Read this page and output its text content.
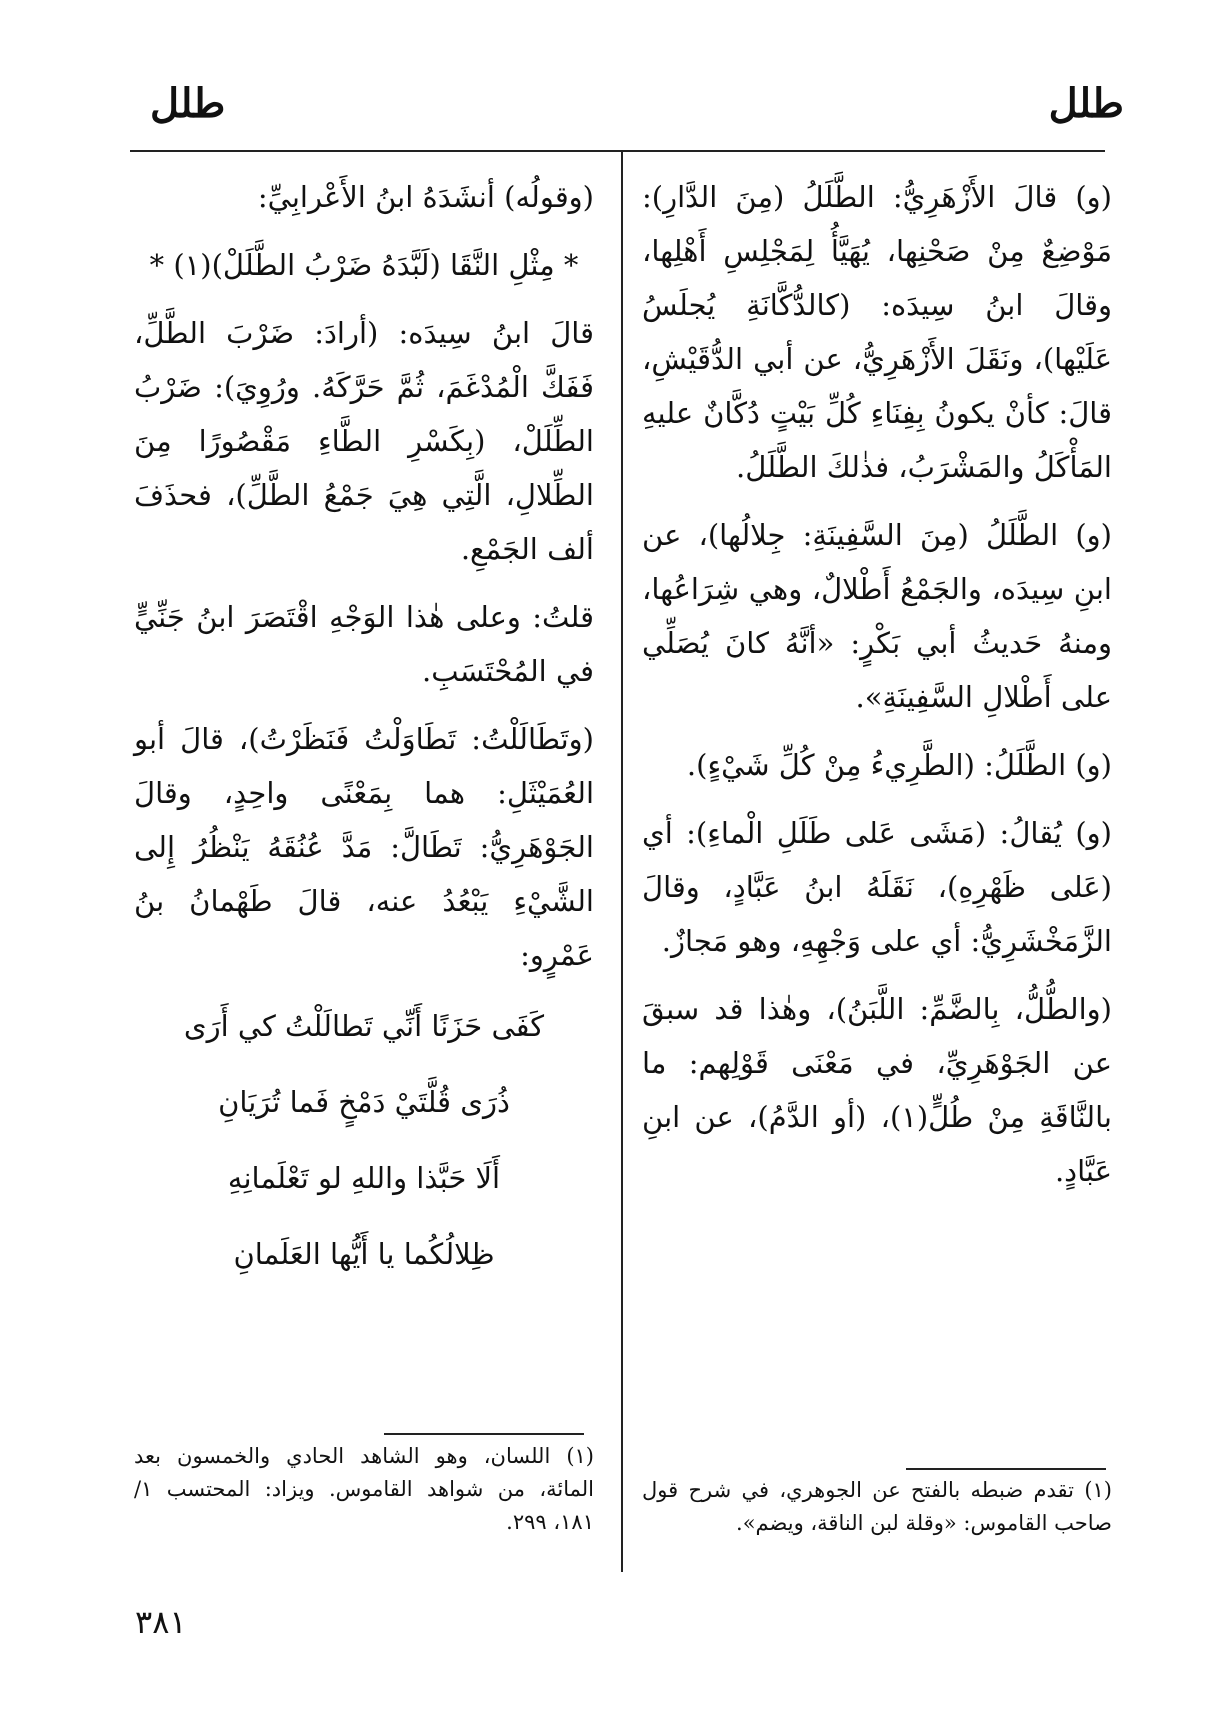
طلل
طلل

(و) قالَ الأَزْهَرِيُّ: الطَّلَلُ (مِنَ الدَّارِ): مَوْضِعٌ مِنْ صَحْنِها، يُهَيَّأُ لِمَجْلِسِ أَهْلِها، وقالَ ابنُ سِيدَه: (كالدُّكَّانَةِ يُجلَسُ عَلَيْها)، ونَقَلَ الأَزْهَرِيُّ، عن أبي الدُّقَيْشِ، قالَ: كأنْ يكونُ بِفِنَاءِ كُلِّ بَيْتٍ دُكَّانٌ عليهِ المَأْكَلُ والمَشْرَبُ، فذٰلكَ الطَّلَلُ.

(و) الطَّلَلُ (مِنَ السَّفِينَةِ: جِلالُها)، عن ابنِ سِيدَه، والجَمْعُ أَطْلالٌ، وهي شِرَاعُها، ومنهُ حَديثُ أبي بَكْرٍ: «أنَّهُ كانَ يُصَلِّي على أَطْلالِ السَّفِينَةِ».

(و) الطَّلَلُ: (الطَّرِيءُ مِنْ كُلِّ شَيْءٍ).

(و) يُقالُ: (مَشَى عَلى طَلَلِ الْماءِ): أي (عَلى ظَهْرِهِ)، نَقَلَهُ ابنُ عَبَّادٍ، وقالَ الزَّمَخْشَرِيُّ: أي على وَجْهِهِ، وهو مَجازٌ.

(والطُّلُّ، بِالضَّمِّ: اللَّبَنُ)، وهٰذا قد سبقَ عن الجَوْهَرِيِّ، في مَعْنَى قَوْلِهم: ما بالنَّاقَةِ مِنْ طُلٍّ(١)، (أو الدَّمُ)، عن ابنِ عَبَّادٍ.

(وقولُه) أنشَدَهُ ابنُ الأَعْرابِيِّ:

* مِثْلِ النَّقَا (لَبَّدَهُ ضَرْبُ الطَّلَلْ)(١) *

قالَ ابنُ سِيدَه: (أرادَ: ضَرْبَ الطَّلِّ، فَفَكَّ الْمُدْغَمَ، ثُمَّ حَرَّكَهُ. ورُوِيَ): ضَرْبُ الطِّلَلْ، (بِكَسْرِ الطَّاءِ مَقْصُورًا مِنَ الطِّلالِ، الَّتِي هِيَ جَمْعُ الطَّلِّ)، فحذَفَ ألف الجَمْعِ.

قلتُ: وعلى هٰذا الوَجْهِ اقْتَصَرَ ابنُ جَنِّيٍّ في المُحْتَسَبِ.

(وتَطَالَلْتُ: تَطَاوَلْتُ فَنَظَرْتُ)، قالَ أبو العُمَيْثَلِ: هما بِمَعْنًى واحِدٍ، وقالَ الجَوْهَرِيُّ: تَطَالَّ: مَدَّ عُنُقَهُ يَنْظُرُ إِلى الشَّيْءِ يَبْعُدُ عنه، قالَ طَهْمانُ بنُ عَمْرٍو:

كَفَى حَزَنًا أَنِّي تَطالَلْتُ كي أَرَى

ذُرَى قُلَّتَيْ دَمْخٍ فَما تُرَيَانِ

أَلَا حَبَّذا واللهِ لو تَعْلَمانِهِ

ظِلالُكُما يا أَيُّها العَلَمانِ

(١) تقدم ضبطه بالفتح عن الجوهري، في شرح قول صاحب القاموس: «وقلة لبن الناقة، ويضم».
(١) اللسان، وهو الشاهد الحادي والخمسون بعد المائة، من شواهد القاموس. ويزاد: المحتسب ١/ ١٨١، ٢٩٩.
٣٨١
